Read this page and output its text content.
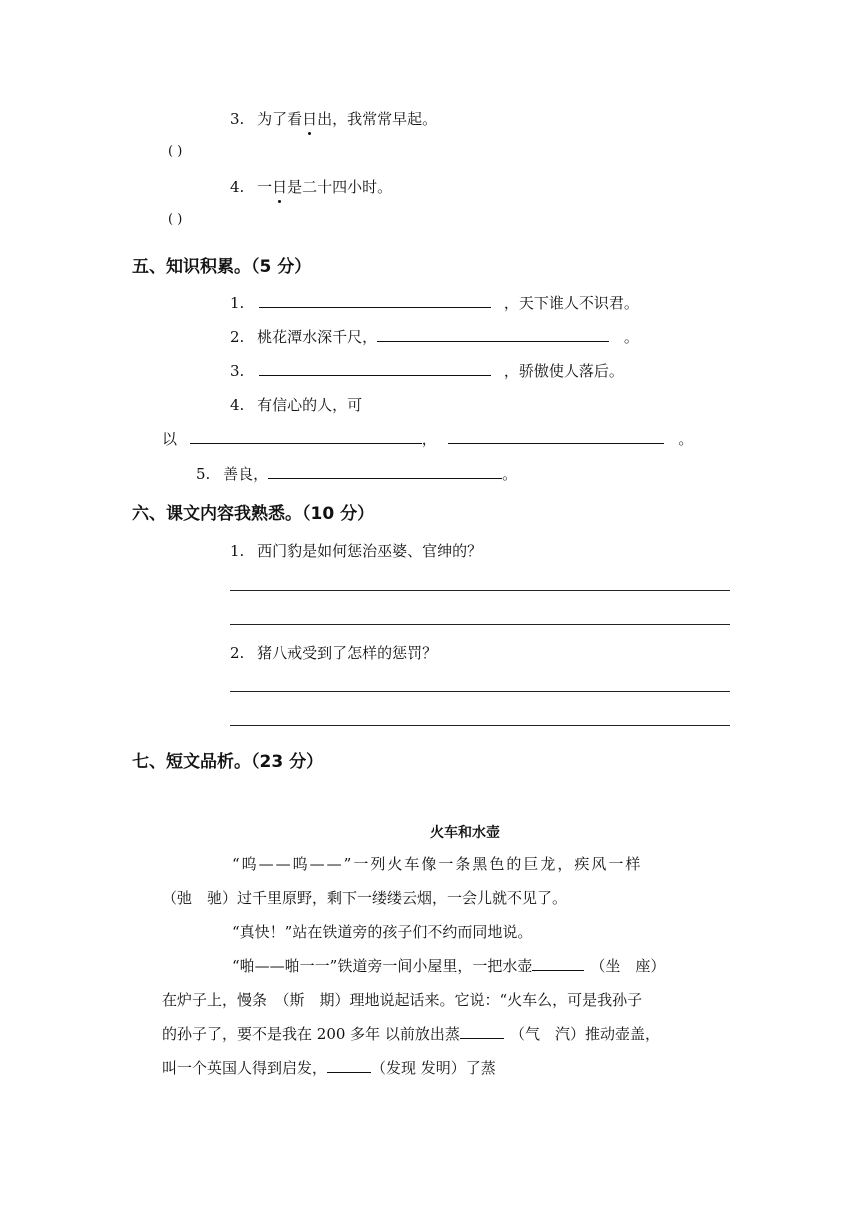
3. 为了看日出，我常常早起。
( )
4. 一日是二十四小时。
( )
五、知识积累。（5 分）
1.	，天下谁人不识君。
2. 桃花潭水深千尺，	。
3.	，骄傲使人落后。
4. 有信心的人，可
以	，	。
5. 善良，	。
六、课文内容我熟悉。（10 分）
1. 西门豹是如何惩治巫婆、官绅的？
2. 猪八戒受到了怎样的惩罚？
七、短文品析。（23 分）
火车和水壶
“呜——呜——”一列火车像一条黑色的巨龙，疾风一样
（弛　驰）过千里原野，剩下一缕缕云烟，一会儿就不见了。
“真快！”站在铁道旁的孩子们不约而同地说。
“啪——啪一一”铁道旁一间小屋里，一把水壶	（坐　座）
在炉子上，慢条　（斯　期）理地说起话来。它说：“火车么，可是我孙子
的孙子了，要不是我在 200 多年 以前放出蒸	（气　汽）推动壶盖，
叫一个英国人得到启发，	（发现 发明）了蒸
